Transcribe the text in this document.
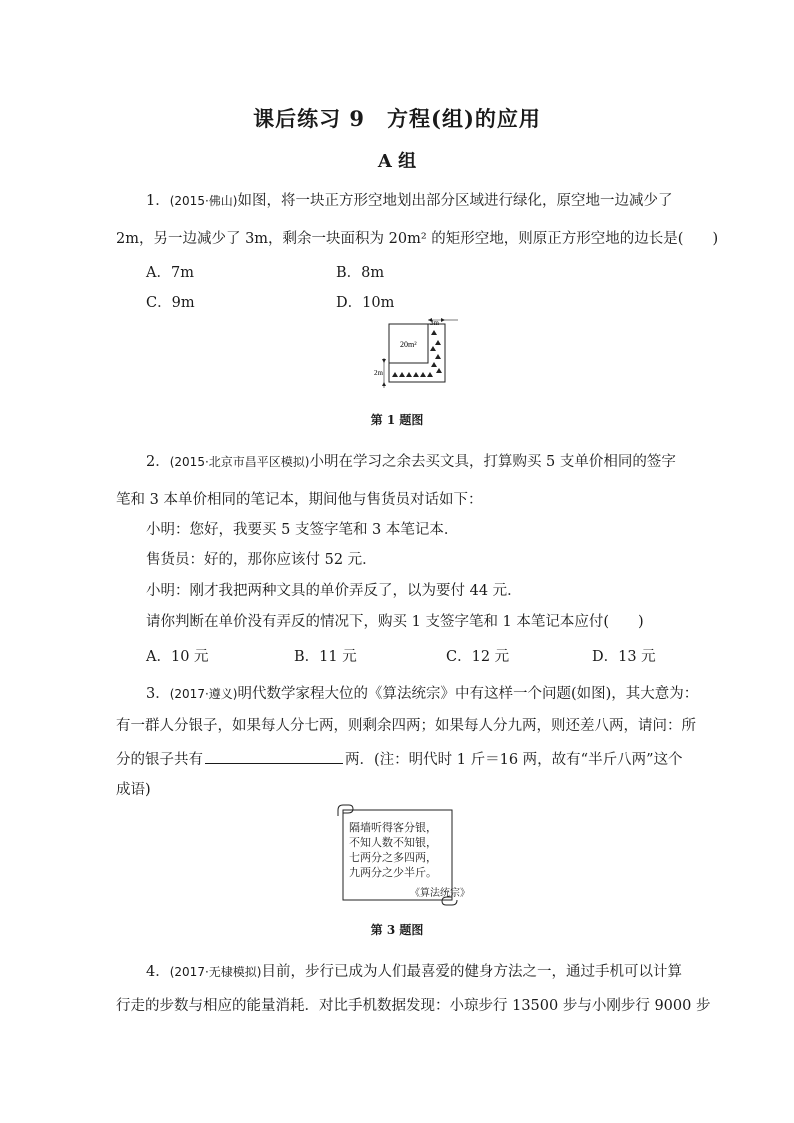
课后练习 9　方程(组)的应用
A 组
1．(2015·佛山)如图，将一块正方形空地划出部分区域进行绿化，原空地一边减少了
2m，另一边减少了 3m，剩余一块面积为 20m² 的矩形空地，则原正方形空地的边长是(　　)
A．7m	B．8m
C．9m	D．10m
20m²
3m
2m
第 1 题图
2．(2015·北京市昌平区模拟)小明在学习之余去买文具，打算购买 5 支单价相同的签字
笔和 3 本单价相同的笔记本，期间他与售货员对话如下：
小明：您好，我要买 5 支签字笔和 3 本笔记本．
售货员：好的，那你应该付 52 元．
小明：刚才我把两种文具的单价弄反了，以为要付 44 元．
请你判断在单价没有弄反的情况下，购买 1 支签字笔和 1 本笔记本应付(　　)
A．10 元	B．11 元	C．12 元	D．13 元
3．(2017·遵义)明代数学家程大位的《算法统宗》中有这样一个问题(如图)，其大意为：
有一群人分银子，如果每人分七两，则剩余四两；如果每人分九两，则还差八两，请问：所
分的银子共有	两．(注：明代时 1 斤＝16 两，故有“半斤八两”这个
成语)
隔墙听得客分银，
不知人数不知银，
七两分之多四两，
九两分之少半斤。
《算法统宗》
第 3 题图
4．(2017·无棣模拟)目前，步行已成为人们最喜爱的健身方法之一，通过手机可以计算
行走的步数与相应的能量消耗．对比手机数据发现：小琼步行 13500 步与小刚步行 9000 步
